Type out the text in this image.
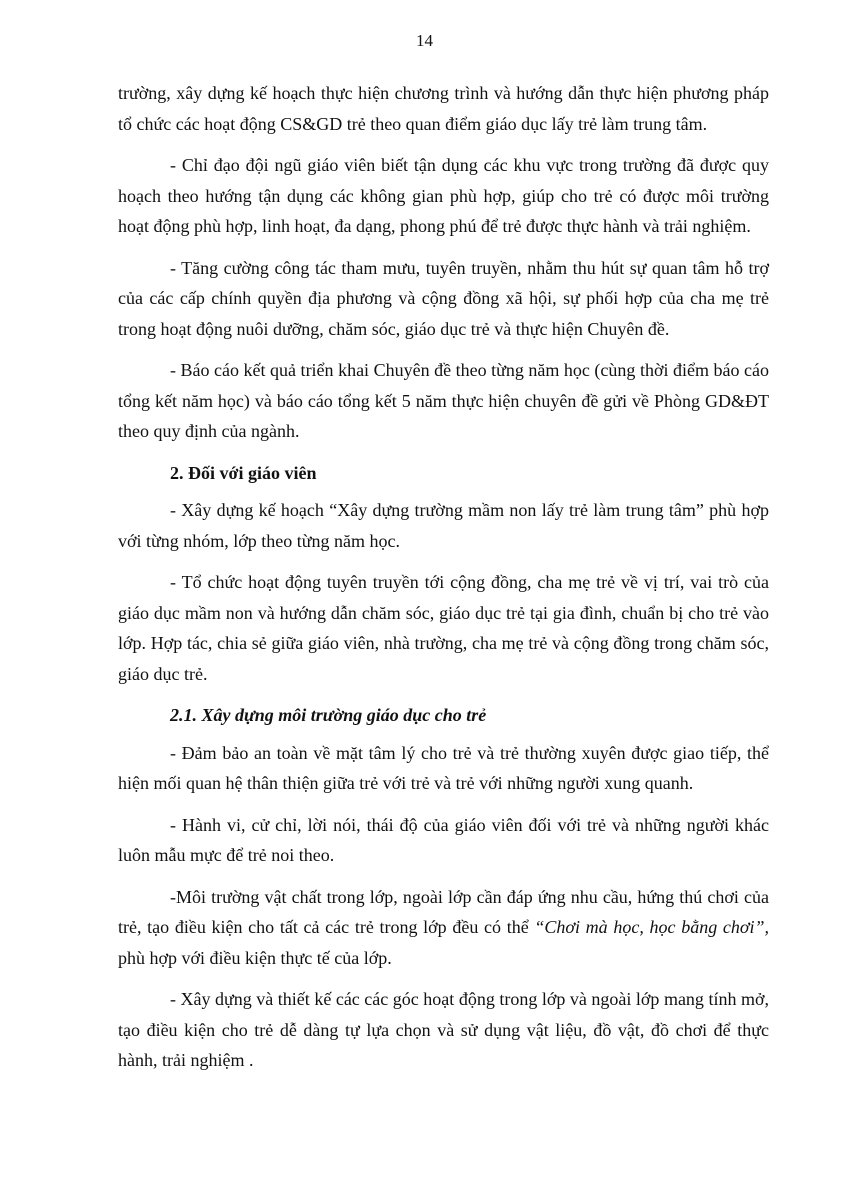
14

trường, xây dựng kế hoạch thực hiện chương trình và hướng dẫn thực hiện phương pháp tổ chức các hoạt động CS&GD trẻ theo quan điểm giáo dục lấy trẻ làm trung tâm.

- Chỉ đạo đội ngũ giáo viên biết tận dụng các khu vực trong trường đã được quy hoạch theo hướng tận dụng các không gian phù hợp, giúp cho trẻ có được môi trường hoạt động phù hợp, linh hoạt, đa dạng, phong phú để trẻ được thực hành và trải nghiệm.

- Tăng cường công tác tham mưu, tuyên truyền, nhằm thu hút sự quan tâm hỗ trợ của các cấp chính quyền địa phương và cộng đồng xã hội, sự phối hợp của cha mẹ trẻ trong hoạt động nuôi dưỡng, chăm sóc, giáo dục trẻ và thực hiện Chuyên đề.

- Báo cáo kết quả triển khai Chuyên đề theo từng năm học (cùng thời điểm báo cáo tổng kết năm học) và báo cáo tổng kết 5 năm thực hiện chuyên đề gửi về Phòng GD&ĐT theo quy định của ngành.

2. Đối với giáo viên

- Xây dựng kế hoạch “Xây dựng trường mầm non lấy trẻ làm trung tâm” phù hợp với từng nhóm, lớp theo từng năm học.

- Tổ chức hoạt động tuyên truyền tới cộng đồng, cha mẹ trẻ về vị trí, vai trò của giáo dục mầm non và hướng dẫn chăm sóc, giáo dục trẻ tại gia đình, chuẩn bị cho trẻ vào lớp. Hợp tác, chia sẻ giữa giáo viên, nhà trường, cha mẹ trẻ và cộng đồng trong chăm sóc, giáo dục trẻ.

2.1. Xây dựng môi trường giáo dục cho trẻ

- Đảm bảo an toàn về mặt tâm lý cho trẻ và trẻ thường xuyên được giao tiếp, thể hiện mối quan hệ thân thiện giữa trẻ với trẻ và trẻ với những người xung quanh.

- Hành vi, cử chỉ, lời nói, thái độ của giáo viên đối với trẻ và những người khác luôn mẫu mực để trẻ noi theo.

-Môi trường vật chất trong lớp, ngoài lớp cần đáp ứng nhu cầu, hứng thú chơi của trẻ, tạo điều kiện cho tất cả các trẻ trong lớp đều có thể “Chơi mà học, học bằng chơi”, phù hợp với điều kiện thực tế của lớp.

- Xây dựng và thiết kế các các góc hoạt động trong lớp và ngoài lớp mang tính mở, tạo điều kiện cho trẻ dễ dàng tự lựa chọn và sử dụng vật liệu, đồ vật, đồ chơi để thực hành, trải nghiệm .
